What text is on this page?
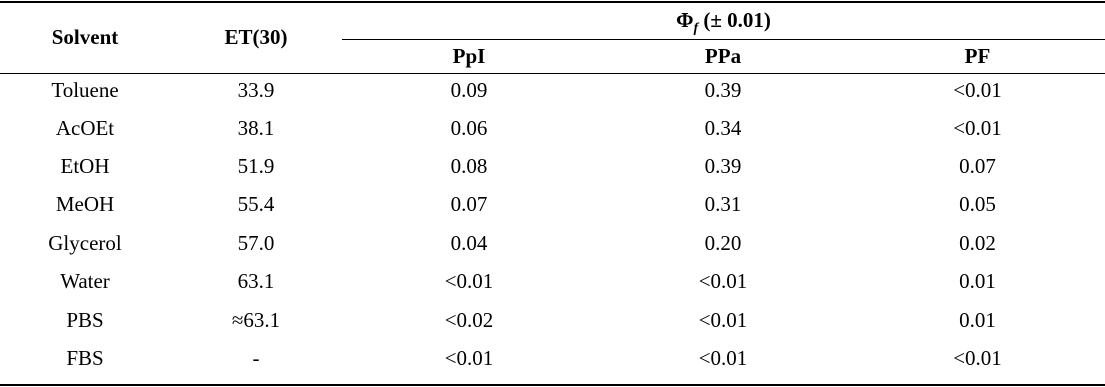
Solvent	ET(30)
$\Phi_f$ (± 0.01)
PpI	PPa	PF
Toluene	33.9	0.09	0.39	<0.01
AcOEt	38.1	0.06	0.34	<0.01
EtOH	51.9	0.08	0.39	0.07
MeOH	55.4	0.07	0.31	0.05
Glycerol	57.0	0.04	0.20	0.02
Water	63.1	<0.01	<0.01	0.01
PBS	≈63.1	<0.02	<0.01	0.01
FBS	-	<0.01	<0.01	<0.01
